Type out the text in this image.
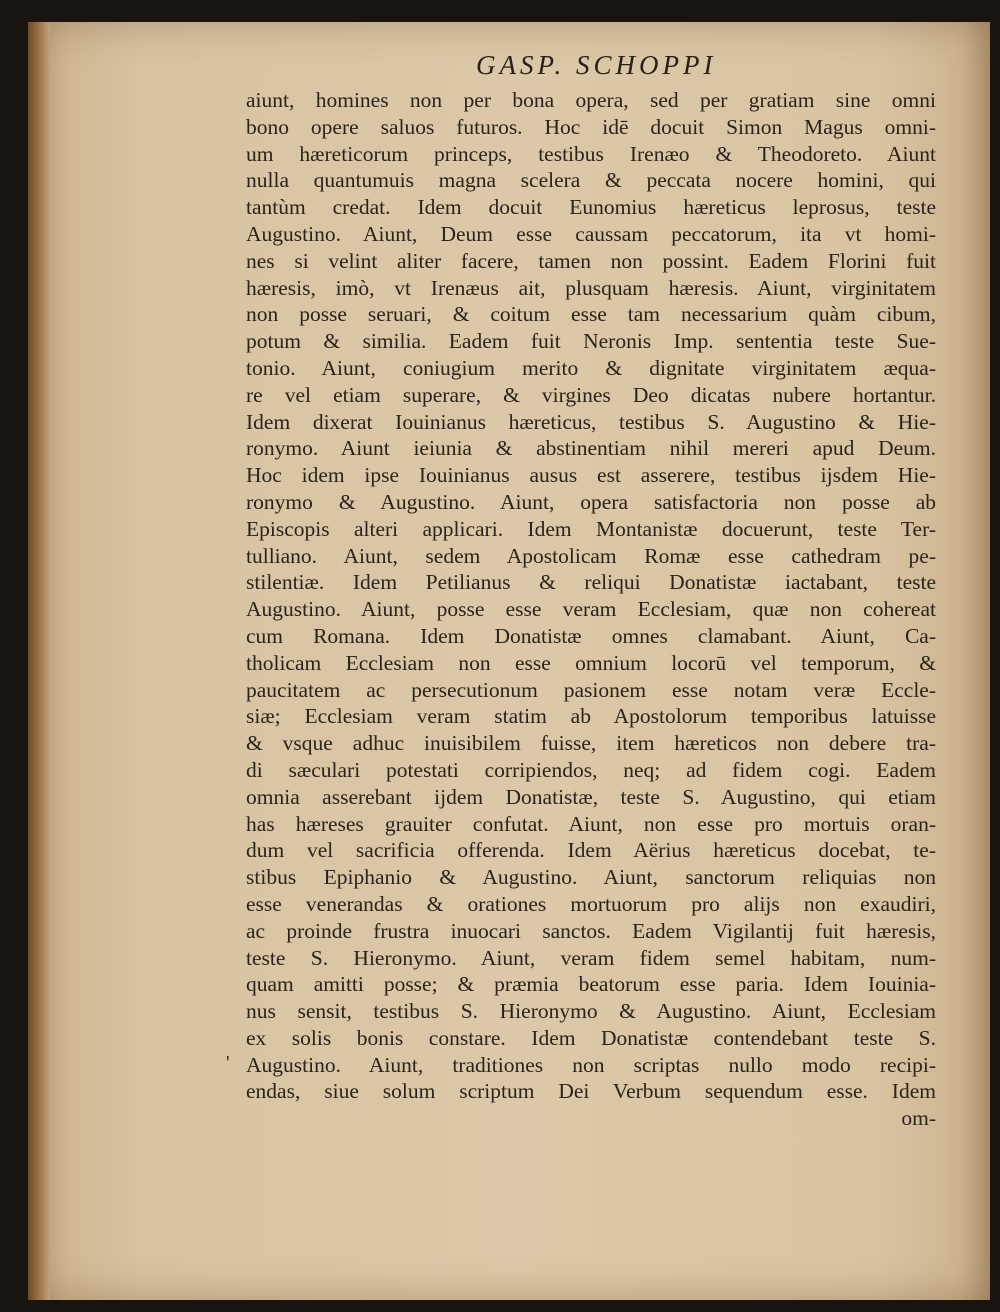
GASP. SCHOPPI
'
aiunt, homines non per bona opera, sed per gratiam sine omni
bono opere saluos futuros. Hoc idē docuit Simon Magus omni-
um hæreticorum princeps, testibus Irenæo & Theodoreto. Aiunt
nulla quantumuis magna scelera & peccata nocere homini, qui
tantùm credat. Idem docuit Eunomius hæreticus leprosus, teste
Augustino. Aiunt, Deum esse caussam peccatorum, ita vt homi-
nes si velint aliter facere, tamen non possint. Eadem Florini fuit
hæresis, imò, vt Irenæus ait, plusquam hæresis. Aiunt, virginitatem
non posse seruari, & coitum esse tam necessarium quàm cibum,
potum & similia. Eadem fuit Neronis Imp. sententia teste Sue-
tonio. Aiunt, coniugium merito & dignitate virginitatem æqua-
re vel etiam superare, & virgines Deo dicatas nubere hortantur.
Idem dixerat Iouinianus hæreticus, testibus S. Augustino & Hie-
ronymo. Aiunt ieiunia & abstinentiam nihil mereri apud Deum.
Hoc idem ipse Iouinianus ausus est asserere, testibus ijsdem Hie-
ronymo & Augustino. Aiunt, opera satisfactoria non posse ab
Episcopis alteri applicari. Idem Montanistæ docuerunt, teste Ter-
tulliano. Aiunt, sedem Apostolicam Romæ esse cathedram pe-
stilentiæ. Idem Petilianus & reliqui Donatistæ iactabant, teste
Augustino. Aiunt, posse esse veram Ecclesiam, quæ non cohereat
cum Romana. Idem Donatistæ omnes clamabant. Aiunt, Ca-
tholicam Ecclesiam non esse omnium locorū vel temporum, &
paucitatem ac persecutionum pasionem esse notam veræ Eccle-
siæ; Ecclesiam veram statim ab Apostolorum temporibus latuisse
& vsque adhuc inuisibilem fuisse, item hæreticos non debere tra-
di sæculari potestati corripiendos, neq; ad fidem cogi. Eadem
omnia asserebant ijdem Donatistæ, teste S. Augustino, qui etiam
has hæreses grauiter confutat. Aiunt, non esse pro mortuis oran-
dum vel sacrificia offerenda. Idem Aërius hæreticus docebat, te-
stibus Epiphanio & Augustino. Aiunt, sanctorum reliquias non
esse venerandas & orationes mortuorum pro alijs non exaudiri,
ac proinde frustra inuocari sanctos. Eadem Vigilantij fuit hæresis,
teste S. Hieronymo. Aiunt, veram fidem semel habitam, num-
quam amitti posse; & præmia beatorum esse paria. Idem Iouinia-
nus sensit, testibus S. Hieronymo & Augustino. Aiunt, Ecclesiam
ex solis bonis constare. Idem Donatistæ contendebant teste S.
Augustino. Aiunt, traditiones non scriptas nullo modo recipi-
endas, siue solum scriptum Dei Verbum sequendum esse. Idem
om-
